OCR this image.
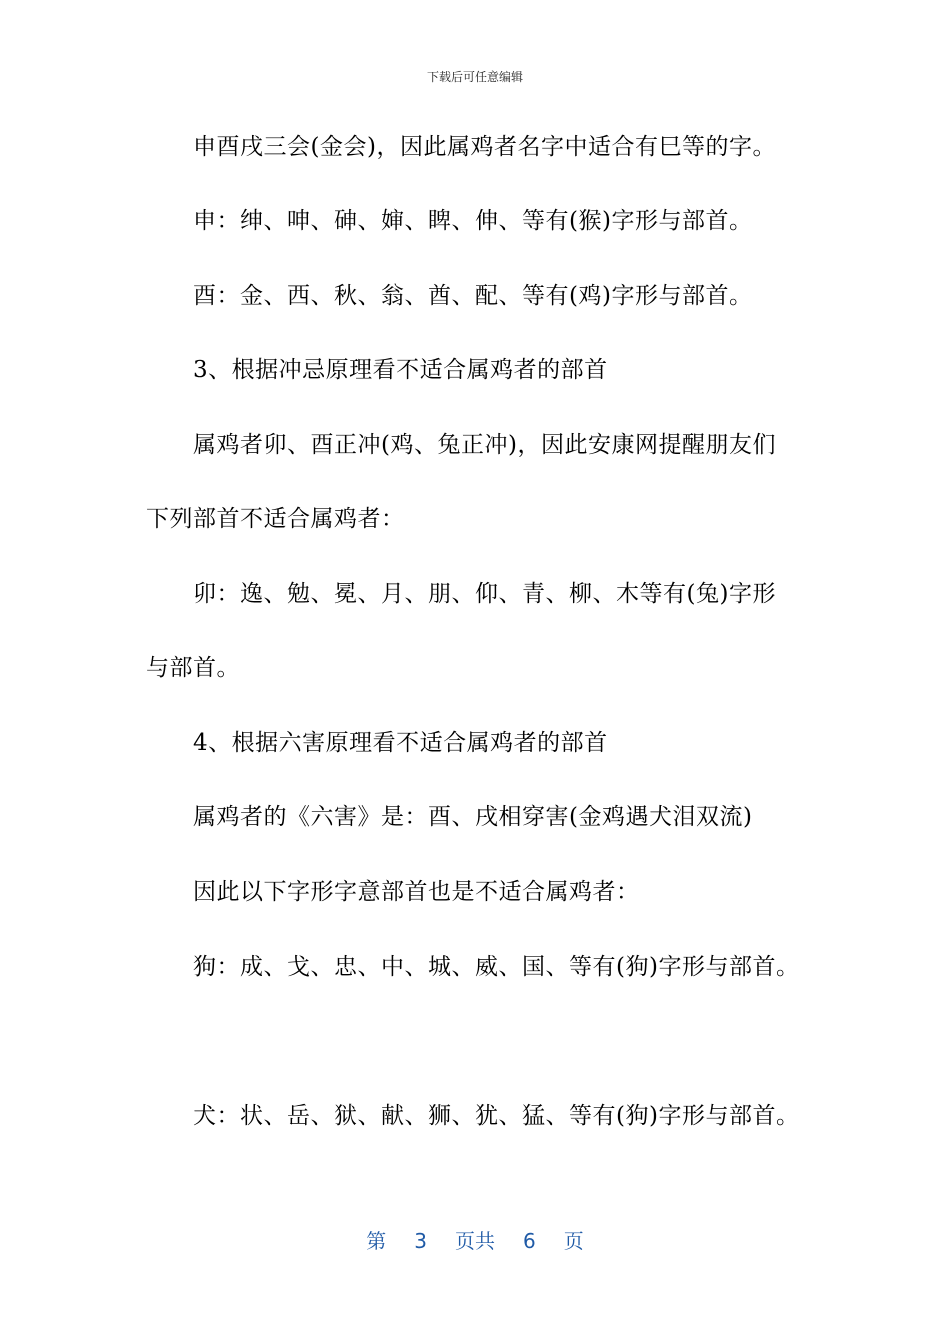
下载后可任意编辑
申酉戌三会(金会)，因此属鸡者名字中适合有巳等的字。
申：绅、呻、砷、婶、睥、伸、等有(猴)字形与部首。
酉：金、西、秋、翁、酋、配、等有(鸡)字形与部首。
3、根据冲忌原理看不适合属鸡者的部首
属鸡者卯、酉正冲(鸡、兔正冲)，因此安康网提醒朋友们
下列部首不适合属鸡者：
卯：逸、勉、冕、月、朋、仰、青、柳、木等有(兔)字形
与部首。
4、根据六害原理看不适合属鸡者的部首
属鸡者的《六害》是：酉、戌相穿害(金鸡遇犬泪双流)
因此以下字形字意部首也是不适合属鸡者：
狗：成、戈、忠、中、城、威、国、等有(狗)字形与部首。
犬：状、岳、狱、献、狮、犹、猛、等有(狗)字形与部首。
第 3 页共 6 页
